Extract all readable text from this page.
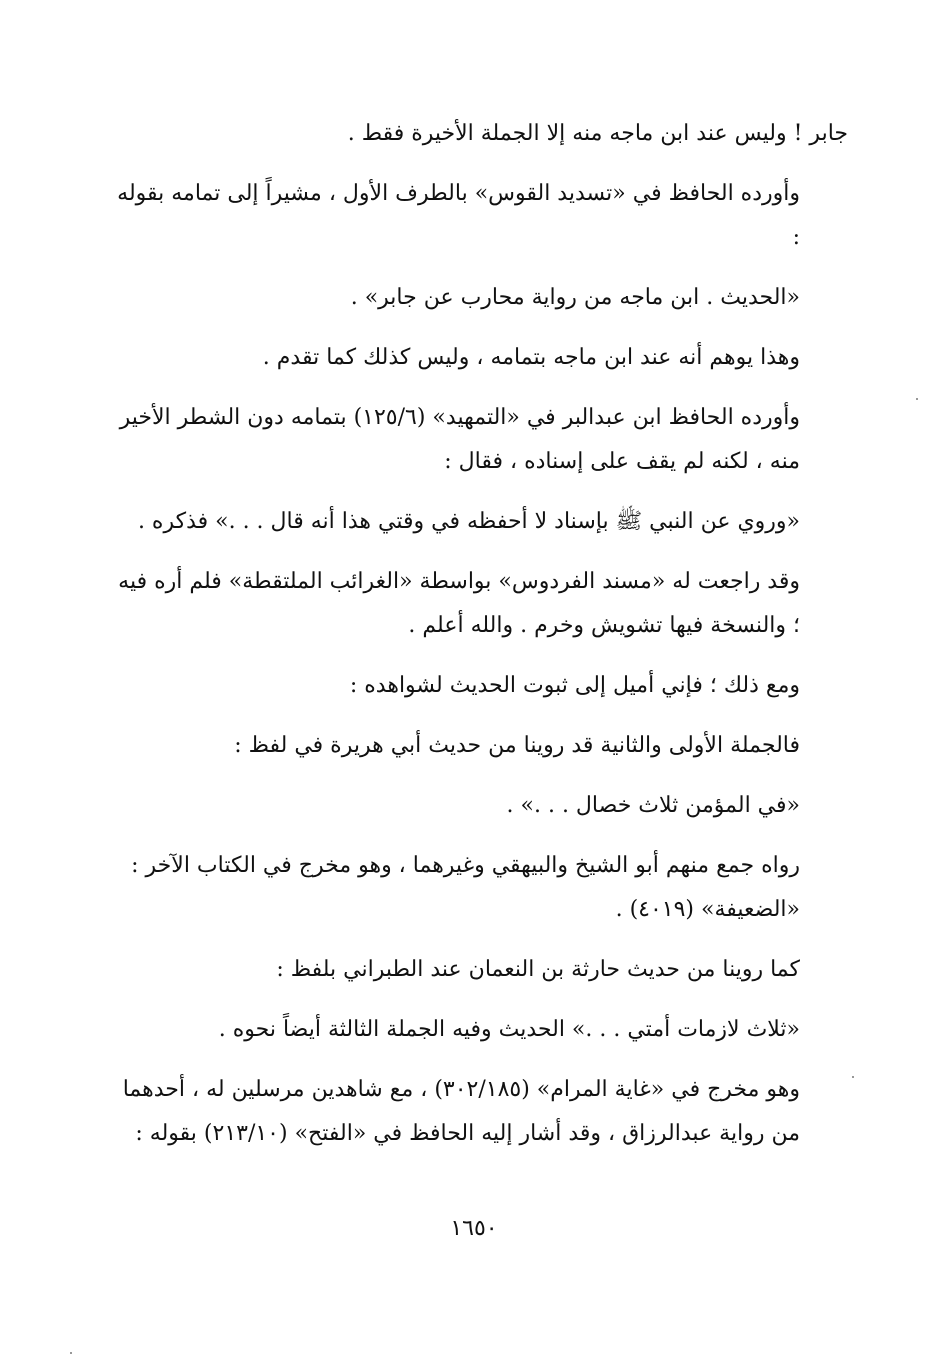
جابر ! وليس عند ابن ماجه منه إلا الجملة الأخيرة فقط .

وأورده الحافظ في «تسديد القوس» بالطرف الأول ، مشيراً إلى تمامه بقوله :

«الحديث . ابن ماجه من رواية محارب عن جابر» .

وهذا يوهم أنه عند ابن ماجه بتمامه ، وليس كذلك كما تقدم .

وأورده الحافظ ابن عبدالبر في «التمهيد» (١٢٥/٦) بتمامه دون الشطر الأخير منه ، لكنه لم يقف على إسناده ، فقال :

«وروي عن النبي ﷺ بإسناد لا أحفظه في وقتي هذا أنه قال . . .» فذكره .

وقد راجعت له «مسند الفردوس» بواسطة «الغرائب الملتقطة» فلم أره فيه ؛ والنسخة فيها تشويش وخرم . والله أعلم .

ومع ذلك ؛ فإني أميل إلى ثبوت الحديث لشواهده :

فالجملة الأولى والثانية قد روينا من حديث أبي هريرة في لفظ :

«في المؤمن ثلاث خصال . . .» .

رواه جمع منهم أبو الشيخ والبيهقي وغيرهما ، وهو مخرج في الكتاب الآخر : «الضعيفة» (٤٠١٩) .

كما روينا من حديث حارثة بن النعمان عند الطبراني بلفظ :

«ثلاث لازمات أمتي . . .» الحديث وفيه الجملة الثالثة أيضاً نحوه .

وهو مخرج في «غاية المرام» (٣٠٢/١٨٥) ، مع شاهدين مرسلين له ، أحدهما من رواية عبدالرزاق ، وقد أشار إليه الحافظ في «الفتح» (٢١٣/١٠) بقوله :

١٦٥٠
